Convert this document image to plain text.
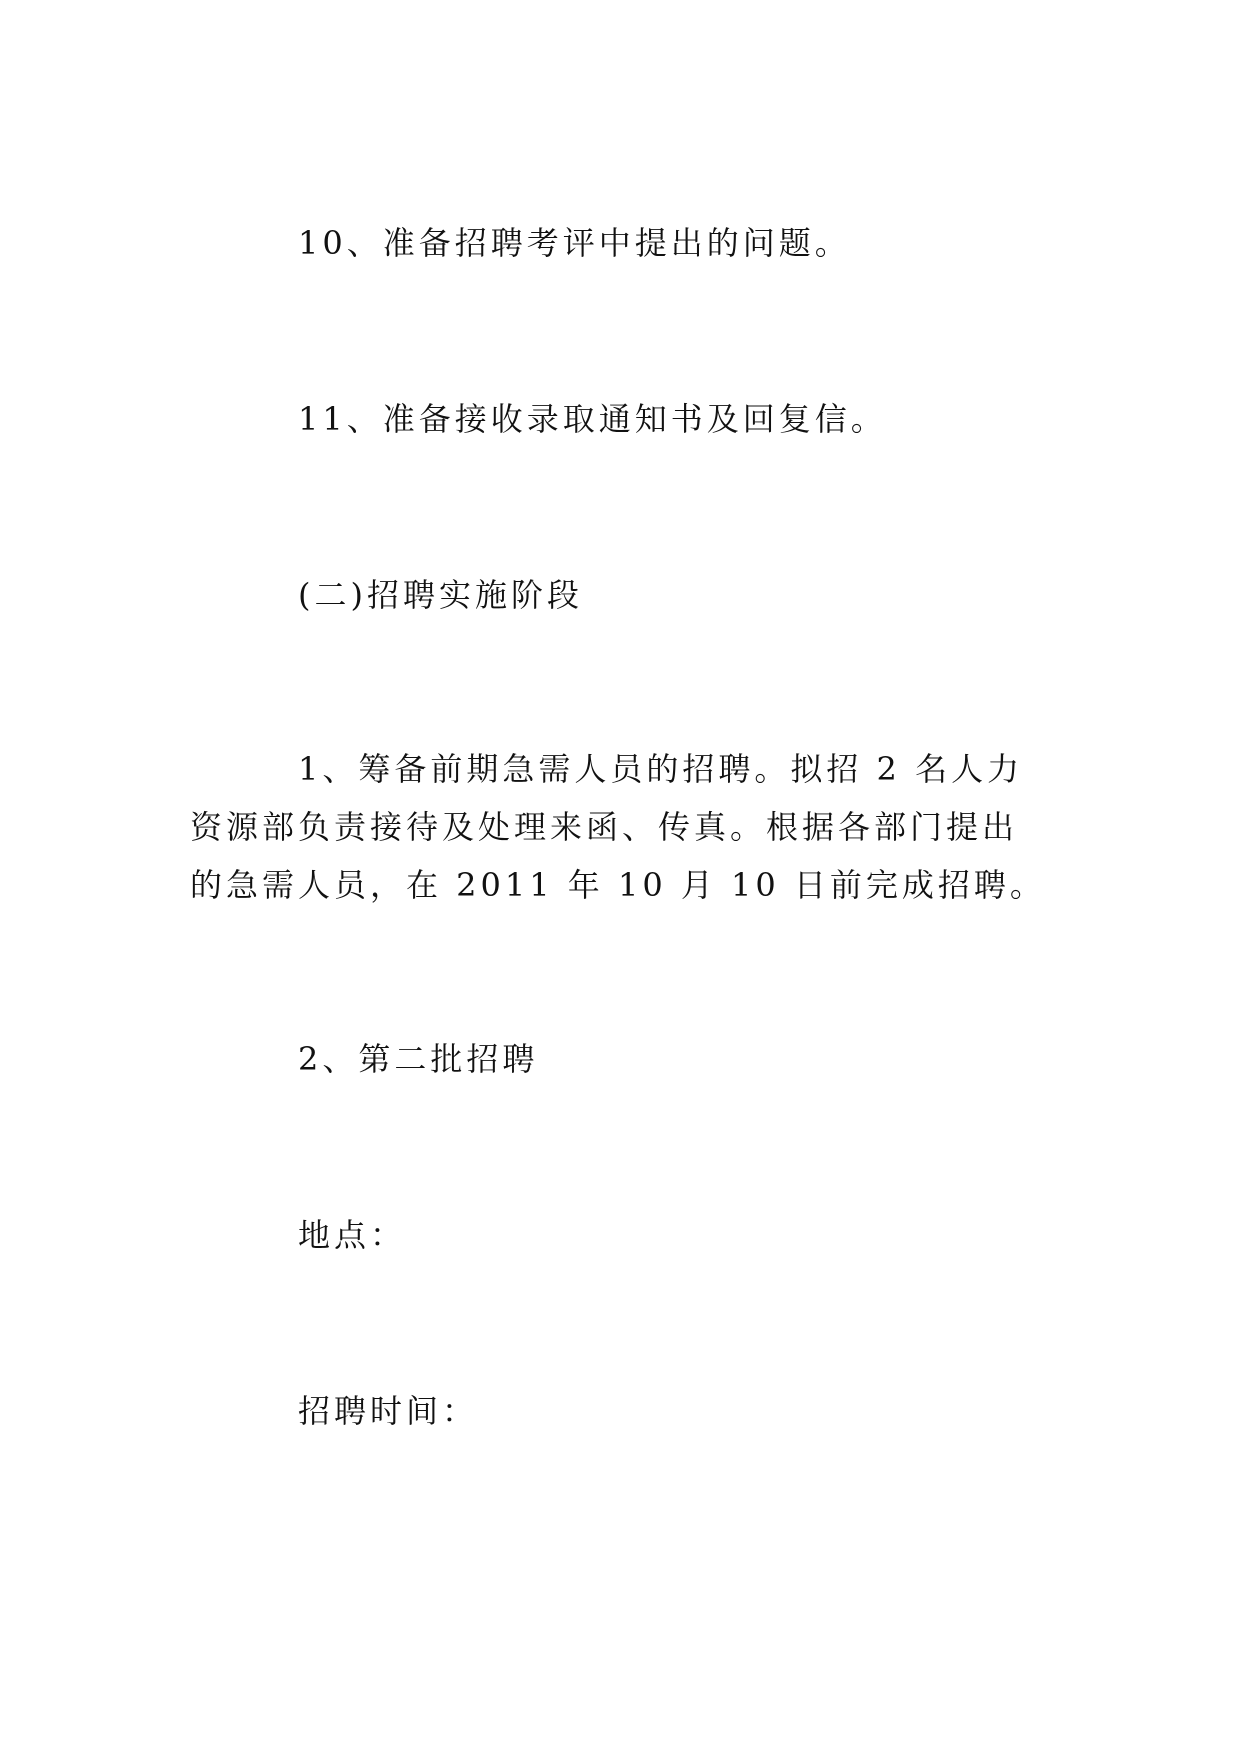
10、准备招聘考评中提出的问题。

11、准备接收录取通知书及回复信。

(二)招聘实施阶段

1、筹备前期急需人员的招聘。拟招 2 名人力资源部负责接待及处理来函、传真。根据各部门提出的急需人员，在 2011 年 10 月 10 日前完成招聘。

2、第二批招聘

地点：

招聘时间：
